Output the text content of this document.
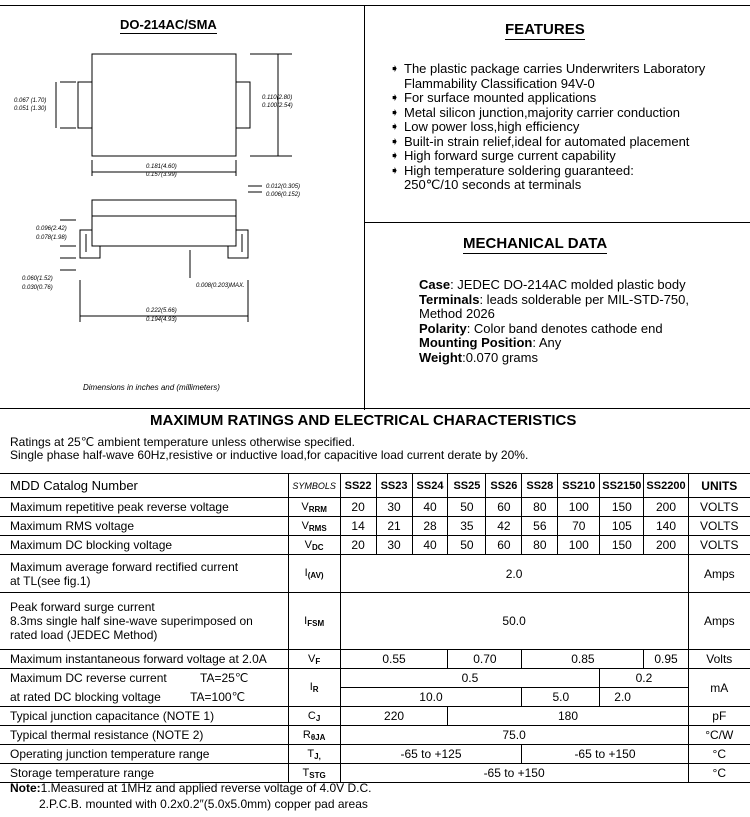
DO-214AC/SMA
0.067 (1.70)
0.051 (1.30)
0.110(2.80)
0.100(2.54)
0.181(4.60)
0.157(3.99)
0.012(0.305)
0.006(0.152)
0.096(2.42)
0.078(1.98)
0.008(0.203)MAX.
0.060(1.52)
0.030(0.76)
0.222(5.66)
0.194(4.93)
Dimensions in inches and (millimeters)
FEATURES
➧ The plastic package carries Underwriters Laboratory
Flammability Classification 94V-0
➧ For surface mounted applications
➧ Metal silicon junction,majority carrier conduction
➧ Low power loss,high efficiency
➧ Built-in strain relief,ideal for automated placement
➧ High forward surge current capability
➧ High temperature soldering guaranteed:
250℃/10 seconds at terminals
MECHANICAL DATA
Case: JEDEC DO-214AC molded plastic body
Terminals: leads solderable per MIL-STD-750,
Method 2026
Polarity: Color band denotes cathode end
Mounting Position: Any
Weight:0.070 grams
MAXIMUM RATINGS AND ELECTRICAL CHARACTERISTICS
Ratings at 25℃ ambient temperature unless otherwise specified.
Single phase half-wave 60Hz,resistive or inductive load,for capacitive load current derate by 20%.
MDD Catalog Number	SYMBOLS	SS22	SS23	SS24	SS25	SS26	SS28	SS210	SS2150	SS2200	UNITS
Maximum repetitive peak reverse voltage	$V_{RRM}$	20	30	40	50	60	80	100	150	200	VOLTS
Maximum RMS voltage	$V_{RMS}$	14	21	28	35	42	56	70	105	140	VOLTS
Maximum DC blocking voltage	$V_{DC}$	20	30	40	50	60	80	100	150	200	VOLTS

Maximum average forward rectified current
at TL(see fig.1)	$I_{(AV)}$	2.0									Amps

Peak forward surge current
8.3ms single half sine-wave superimposed on
rated load (JEDEC Method)	$I_{FSM}$	50.0									Amps
Maximum instantaneous forward voltage at 2.0A	$V_F$	0.55			0.70		0.85			0.95	Volts
Maximum DC reverse current TA=25℃	$I_R$	0.5							0.2		mA
at rated DC blocking voltage TA=100℃		10.0					5.0		2.0		
Typical junction capacitance (NOTE 1)	$C_J$	220			180						pF
Typical thermal resistance (NOTE 2)	$R_{\theta JA}$	75.0									°C/W
Operating junction temperature range	$T_{J,}$	-65 to +125					-65 to +150				°C
Storage temperature range	$T_{STG}$	-65 to +150									°C
Note:1.Measured at 1MHz and applied reverse voltage of 4.0V D.C.
2.P.C.B. mounted with 0.2x0.2″(5.0x5.0mm) copper pad areas
